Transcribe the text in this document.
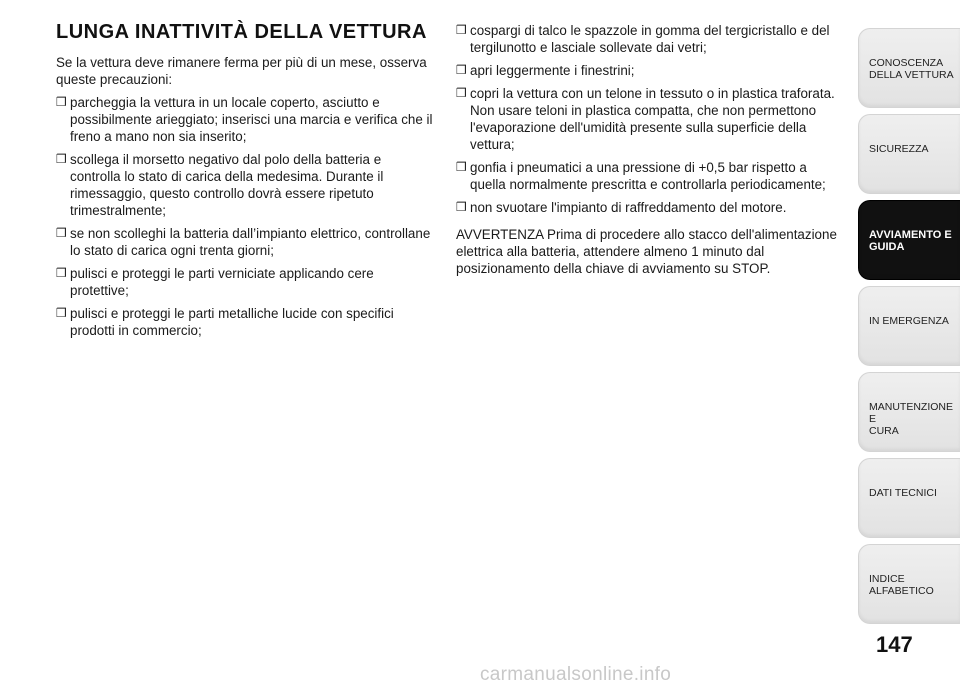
LUNGA INATTIVITÀ DELLA VETTURA

Se la vettura deve rimanere ferma per più di un mese, osserva queste precauzioni:

❒ parcheggia la vettura in un locale coperto, asciutto e possibilmente arieggiato; inserisci una marcia e verifica che il freno a mano non sia inserito;
❒ scollega il morsetto negativo dal polo della batteria e controlla lo stato di carica della medesima. Durante il rimessaggio, questo controllo dovrà essere ripetuto trimestralmente;
❒ se non scolleghi la batteria dall’impianto elettrico, controllane lo stato di carica ogni trenta giorni;
❒ pulisci e proteggi le parti verniciate applicando cere protettive;
❒ pulisci e proteggi le parti metalliche lucide con specifici prodotti in commercio;
❒ cospargi di talco le spazzole in gomma del tergicristallo e del tergilunotto e lasciale sollevate dai vetri;
❒ apri leggermente i finestrini;
❒ copri la vettura con un telone in tessuto o in plastica traforata. Non usare teloni in plastica compatta, che non permettono l'evaporazione dell'umidità presente sulla superficie della vettura;
❒ gonfia i pneumatici a una pressione di +0,5 bar rispetto a quella normalmente prescritta e controllarla periodicamente;
❒ non svuotare l'impianto di raffreddamento del motore.

AVVERTENZA Prima di procedere allo stacco dell'alimentazione elettrica alla batteria, attendere almeno 1 minuto dal posizionamento della chiave di avviamento su STOP.

CONOSCENZA
DELLA VETTURA
SICUREZZA
AVVIAMENTO E
GUIDA
IN EMERGENZA
MANUTENZIONE E
CURA
DATI TECNICI
INDICE ALFABETICO
147
carmanualsonline.info
